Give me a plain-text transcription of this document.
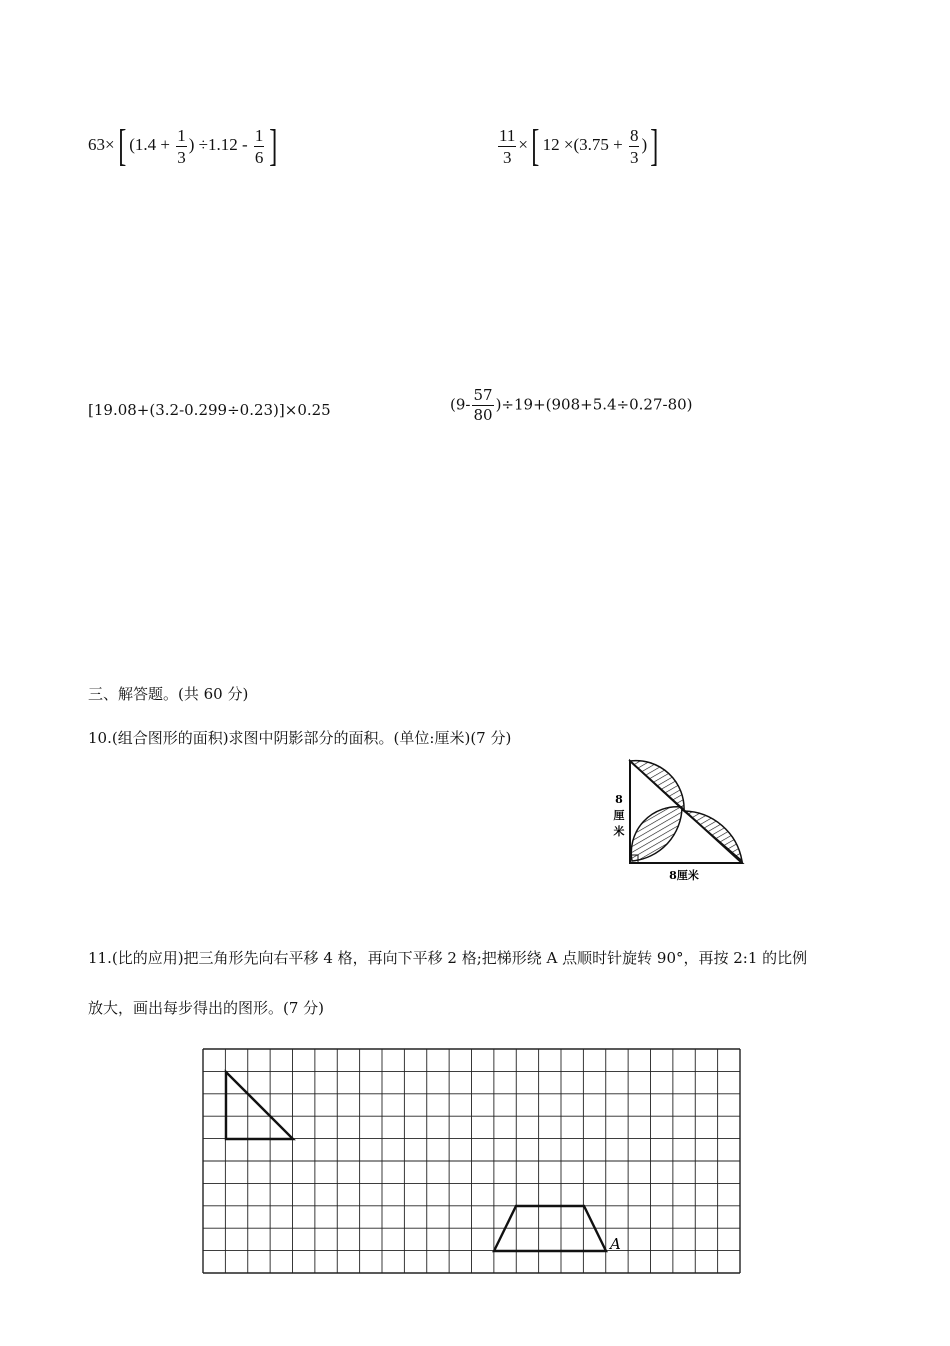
63×[ ($1.4 + \frac{1}{3}$ ) $\div 1.12 - \frac{1}{6}$ ]	$\frac{11}{3}$ ×[ $12 \times(3.75 + \frac{8}{3}$ )]
[19.08+(3.2-0.299÷0.23)]×0.25	$(9- \frac{57}{80} )\div 19+(908+5.4\div 0.27-80)$
三、解答题。(共 60 分)
10.(组合图形的面积)求图中阴影部分的面积。(单位:厘米)(7 分)
8
厘
米
8厘米
11.(比的应用)把三角形先向右平移 4 格，再向下平移 2 格;把梯形绕 A 点顺时针旋转 90°，再按 2:1 的比例
放大，画出每步得出的图形。(7 分)
A
